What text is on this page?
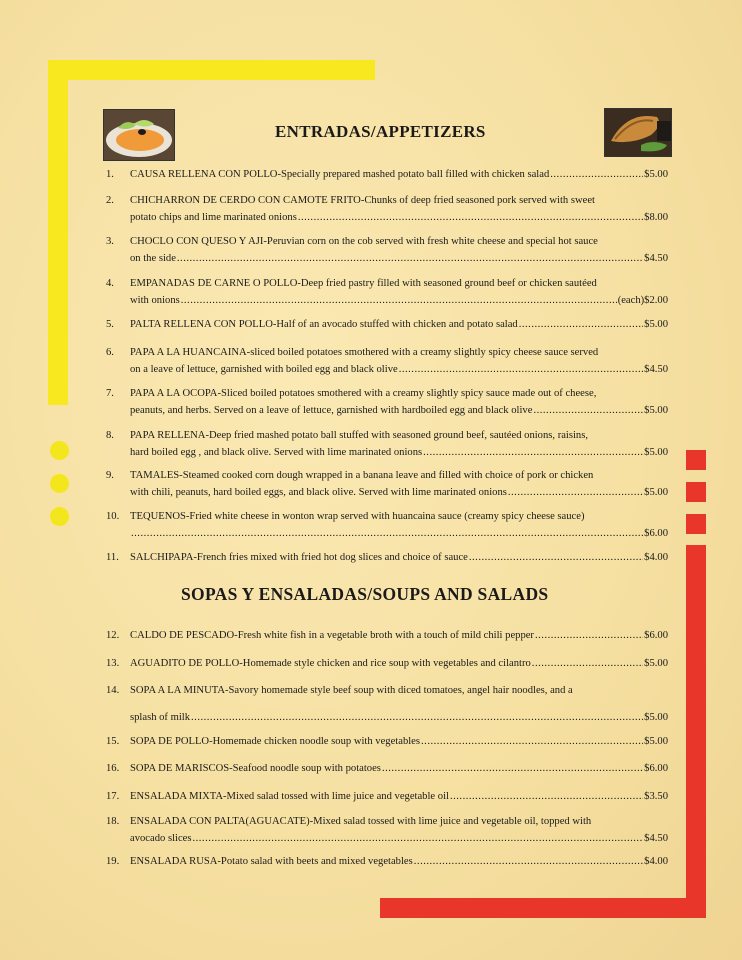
ENTRADAS/APPETIZERS
SOPAS Y ENSALADAS/SOUPS AND SALADS
1. CAUSA RELLENA CON POLLO-Specially prepared mashed potato ball filled with chicken salad .....	$5.00
2. CHICHARRON DE CERDO CON CAMOTE FRITO-Chunks of deep fried seasoned pork served with sweet
potato chips and lime marinated onions .....	$8.00
3. CHOCLO CON QUESO Y AJI-Peruvian corn on the cob served with fresh white cheese and special hot sauce
on the side .....	$4.50
4. EMPANADAS DE CARNE O POLLO-Deep fried pastry filled with seasoned ground beef or chicken sautéed
with onions .....	(each)$2.00
5. PALTA RELLENA CON POLLO-Half of an avocado stuffed with chicken and potato salad .....	$5.00
6. PAPA A LA HUANCAINA-sliced boiled potatoes smothered with a creamy slightly spicy cheese sauce served
on a leave of lettuce, garnished with boiled egg and black olive .....	$4.50
7. PAPA A LA OCOPA-Sliced boiled potatoes smothered with a creamy slightly spicy sauce made out of cheese,
peanuts, and herbs. Served on a leave of lettuce, garnished with hardboiled egg and black olive .....	$5.00
8. PAPA RELLENA-Deep fried mashed potato ball stuffed with seasoned ground beef, sautéed onions, raisins,
hard boiled egg , and black olive. Served with lime marinated onions .....	$5.00
9. TAMALES-Steamed cooked corn dough wrapped in a banana leave and filled with choice of pork or chicken
with chili, peanuts, hard boiled eggs, and black olive. Served with lime marinated onions .....	$5.00
10. TEQUENOS-Fried white cheese in wonton wrap served with huancaina sauce (creamy spicy cheese sauce)
.....
$6.00
11. SALCHIPAPA-French fries mixed with fried hot dog slices and choice of sauce .....	$4.00
12. CALDO DE PESCADO-Fresh white fish in a vegetable broth with a touch of mild chili pepper .....	$6.00
13. AGUADITO DE POLLO-Homemade style chicken and rice soup with vegetables and cilantro .....	$5.00
14. SOPA A LA MINUTA-Savory homemade style beef soup with diced tomatoes, angel hair noodles, and a
splash of milk .....	$5.00
15. SOPA DE POLLO-Homemade chicken noodle soup with vegetables .....	$5.00
16. SOPA DE MARISCOS-Seafood noodle soup with potatoes .....	$6.00
17. ENSALADA MIXTA-Mixed salad tossed with lime juice and vegetable oil .....	$3.50
18. ENSALADA CON PALTA(AGUACATE)-Mixed salad tossed with lime juice and vegetable oil, topped with
avocado slices .....	$4.50
19. ENSALADA RUSA-Potato salad with beets and mixed vegetables .....	$4.00
